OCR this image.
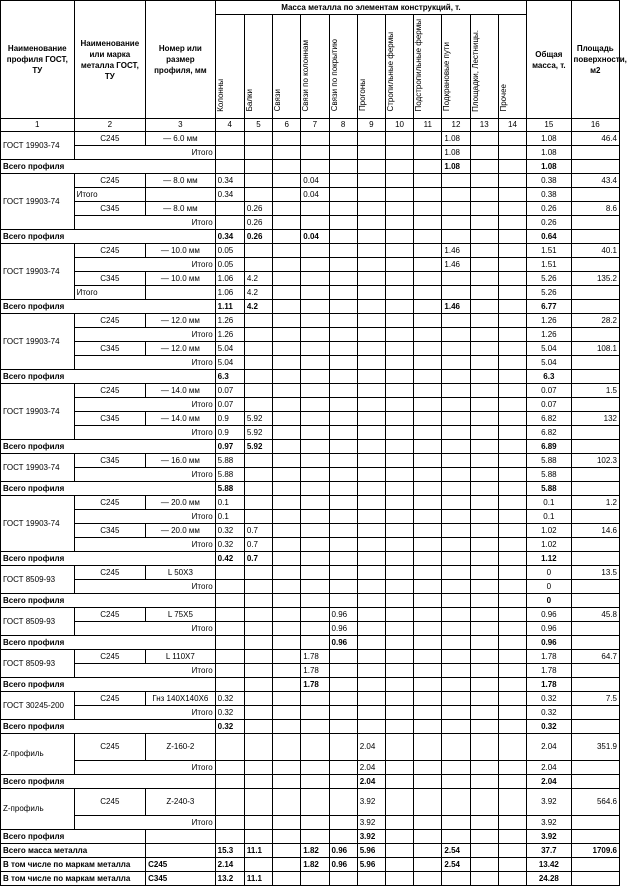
Наименование профиля ГОСТ, ТУ	Наименование или марка металла ГОСТ, ТУ	Номер или размер профиля, мм	Масса металла по элементам конструкций, т.											Общая масса, т.	Площадь поверхности, м2
			Колонны	Балки	Связи	Связи по колоннам	Связи по покрытию	Прогоны	Стропильные фермы	Подстропильные фермы	Подкрановые пути	Площадки, Лестницы.	Прочее		
1	2	3	4	5	6	7	8	9	10	11	12	13	14	15	16
ГОСТ 19903-74	С245	— 6.0 мм									1.08			1.08	46.4
	Итого										1.08			1.08	
Всего профиля											1.08			1.08	
ГОСТ 19903-74	С245	— 8.0 мм	0.34			0.04								0.38	43.4
	Итого		0.34			0.04								0.38	
	С345	— 8.0 мм		0.26										0.26	8.6
	Итого			0.26										0.26	
Всего профиля			0.34	0.26		0.04								0.64	
ГОСТ 19903-74	С245	— 10.0 мм	0.05								1.46			1.51	40.1
	Итого		0.05								1.46			1.51	
	С345	— 10.0 мм	1.06	4.2										5.26	135.2
	Итого		1.06	4.2										5.26	
Всего профиля			1.11	4.2							1.46			6.77	
ГОСТ 19903-74	С245	— 12.0 мм	1.26											1.26	28.2
	Итого		1.26											1.26	
	С345	— 12.0 мм	5.04											5.04	108.1
	Итого		5.04											5.04	
Всего профиля			6.3											6.3	
ГОСТ 19903-74	С245	— 14.0 мм	0.07											0.07	1.5
	Итого		0.07											0.07	
	С345	— 14.0 мм	0.9	5.92										6.82	132
	Итого		0.9	5.92										6.82	
Всего профиля			0.97	5.92										6.89	
ГОСТ 19903-74	С345	— 16.0 мм	5.88											5.88	102.3
	Итого		5.88											5.88	
Всего профиля			5.88											5.88	
ГОСТ 19903-74	С245	— 20.0 мм	0.1											0.1	1.2
	Итого		0.1											0.1	
	С345	— 20.0 мм	0.32	0.7										1.02	14.6
	Итого		0.32	0.7										1.02	
Всего профиля			0.42	0.7										1.12	
ГОСТ 8509-93	С245	L 50Х3												0	13.5
	Итого													0	
Всего профиля														0	
ГОСТ 8509-93	С245	L 75Х5					0.96							0.96	45.8
	Итого						0.96							0.96	
Всего профиля							0.96							0.96	
ГОСТ 8509-93	С245	L 110Х7				1.78								1.78	64.7
	Итого					1.78								1.78	
Всего профиля						1.78								1.78	
ГОСТ 30245-200	С245	Гнз 140Х140Х6	0.32											0.32	7.5
	Итого		0.32											0.32	
Всего профиля			0.32											0.32	
Z-профиль	С245	Z-160-2						2.04						2.04	351.9
	Итого							2.04						2.04	
Всего профиля								2.04						2.04	
Z-профиль	С245	Z-240-3						3.92						3.92	564.6
	Итого							3.92						3.92	
Всего профиля								3.92						3.92	
Всего масса металла			15.3	11.1		1.82	0.96	5.96			2.54			37.7	1709.6
В том числе по маркам металла		С245	2.14			1.82	0.96	5.96			2.54			13.42	
В том числе по маркам металла		С345	13.2	11.1										24.28	
